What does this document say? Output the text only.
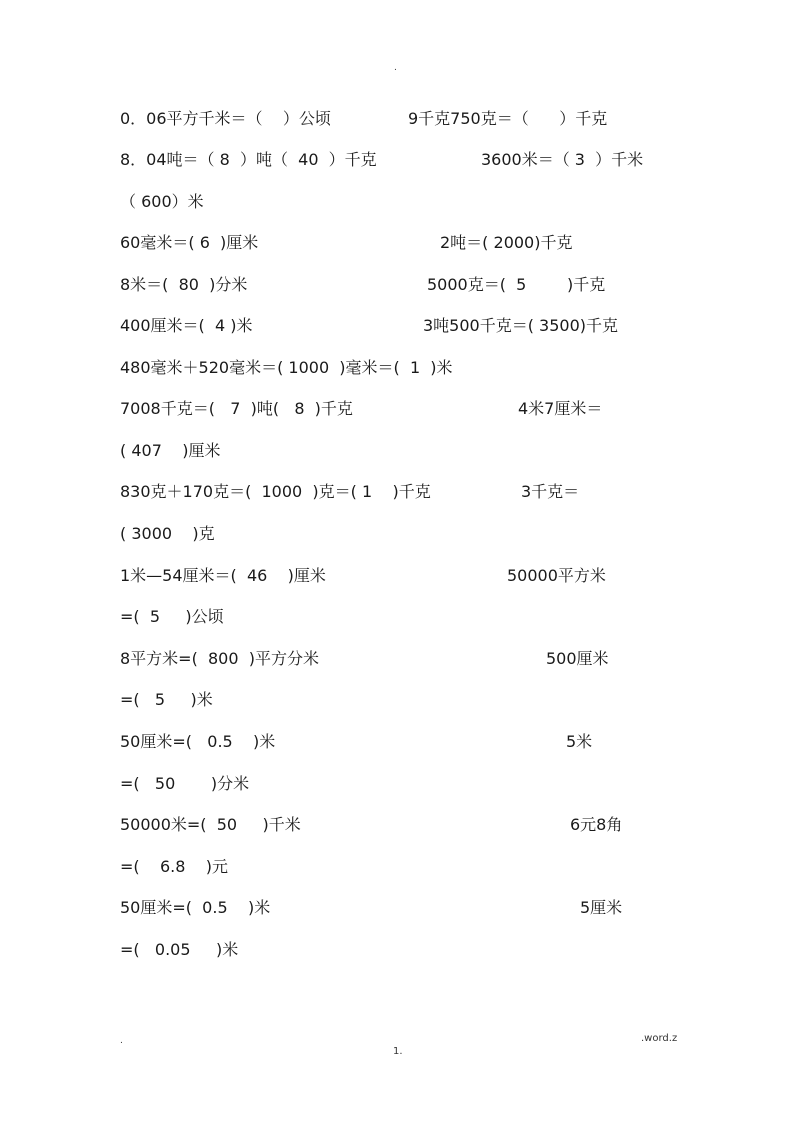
.

0．06平方千米＝（    ）公顷

	9千克750克＝（      ）千克

8．04吨＝（ 8  ）吨（  40  ）千克

	3600米＝（ 3  ）千米

（ 600）米

60毫米＝( 6  )厘米

	2吨＝( 2000)千克

8米＝(  80  )分米

	5000克＝(  5        )千克

400厘米＝(  4 )米

	3吨500千克＝( 3500)千克

480毫米＋520毫米＝( 1000  )毫米＝(  1  )米

7008千克＝(   7  )吨(   8  )千克

	4米7厘米＝

( 407    )厘米

830克＋170克＝(  1000  )克＝( 1    )千克

	3千克＝

( 3000    )克

1米—54厘米＝(  46    )厘米

	50000平方米

=(  5     )公顷

8平方米=(  800  )平方分米

	500厘米

=(   5     )米

50厘米=(   0.5    )米

	5米

=(   50       )分米

50000米=(  50     )千米

	6元8角

=(    6.8    )元

50厘米=(  0.5    )米

	5厘米

=(   0.05     )米

.	.word.z
1.
